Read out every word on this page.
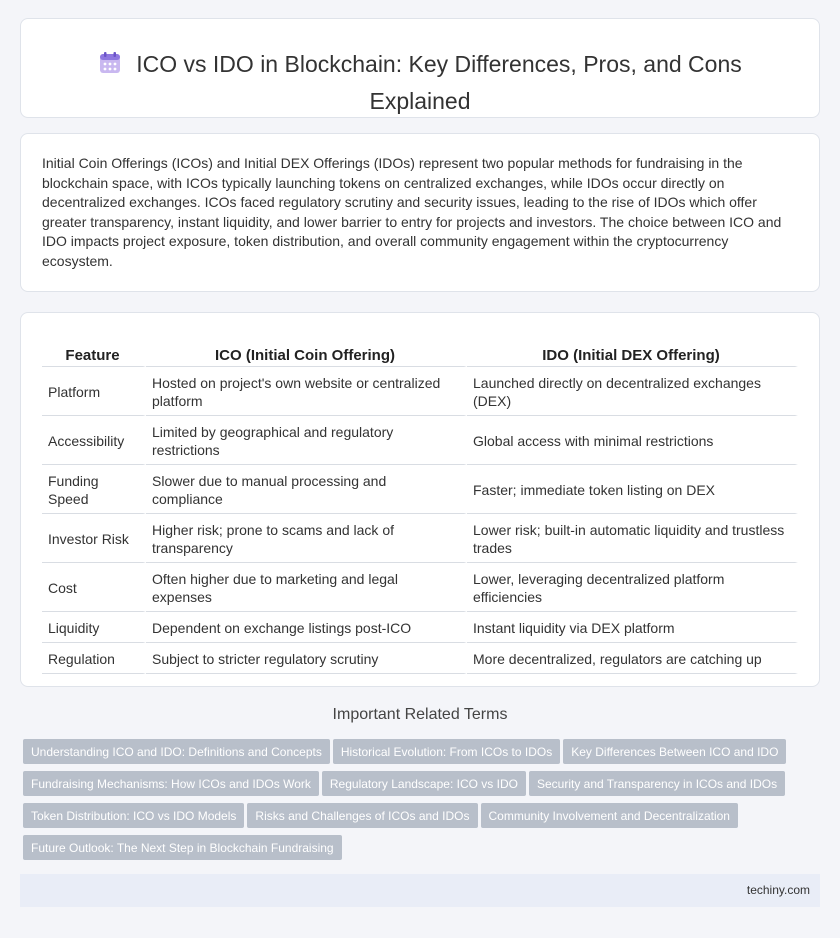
ICO vs IDO in Blockchain: Key Differences, Pros, and Cons Explained

Initial Coin Offerings (ICOs) and Initial DEX Offerings (IDOs) represent two popular methods for fundraising in the blockchain space, with ICOs typically launching tokens on centralized exchanges, while IDOs occur directly on decentralized exchanges. ICOs faced regulatory scrutiny and security issues, leading to the rise of IDOs which offer greater transparency, instant liquidity, and lower barrier to entry for projects and investors. The choice between ICO and IDO impacts project exposure, token distribution, and overall community engagement within the cryptocurrency ecosystem.

Feature	ICO (Initial Coin Offering)	IDO (Initial DEX Offering)
Platform	Hosted on project's own website or centralized platform	Launched directly on decentralized exchanges (DEX)
Accessibility	Limited by geographical and regulatory restrictions	Global access with minimal restrictions
Funding Speed	Slower due to manual processing and compliance	Faster; immediate token listing on DEX
Investor Risk	Higher risk; prone to scams and lack of transparency	Lower risk; built-in automatic liquidity and trustless trades
Cost	Often higher due to marketing and legal expenses	Lower, leveraging decentralized platform efficiencies
Liquidity	Dependent on exchange listings post-ICO	Instant liquidity via DEX platform
Regulation	Subject to stricter regulatory scrutiny	More decentralized, regulators are catching up
Important Related Terms
Understanding ICO and IDO: Definitions and Concepts Historical Evolution: From ICOs to IDOs Key Differences Between ICO and IDOFundraising Mechanisms: How ICOs and IDOs Work Regulatory Landscape: ICO vs IDO Security and Transparency in ICOs and IDOsToken Distribution: ICO vs IDO Models Risks and Challenges of ICOs and IDOs Community Involvement and DecentralizationFuture Outlook: The Next Step in Blockchain Fundraising
techiny.com
